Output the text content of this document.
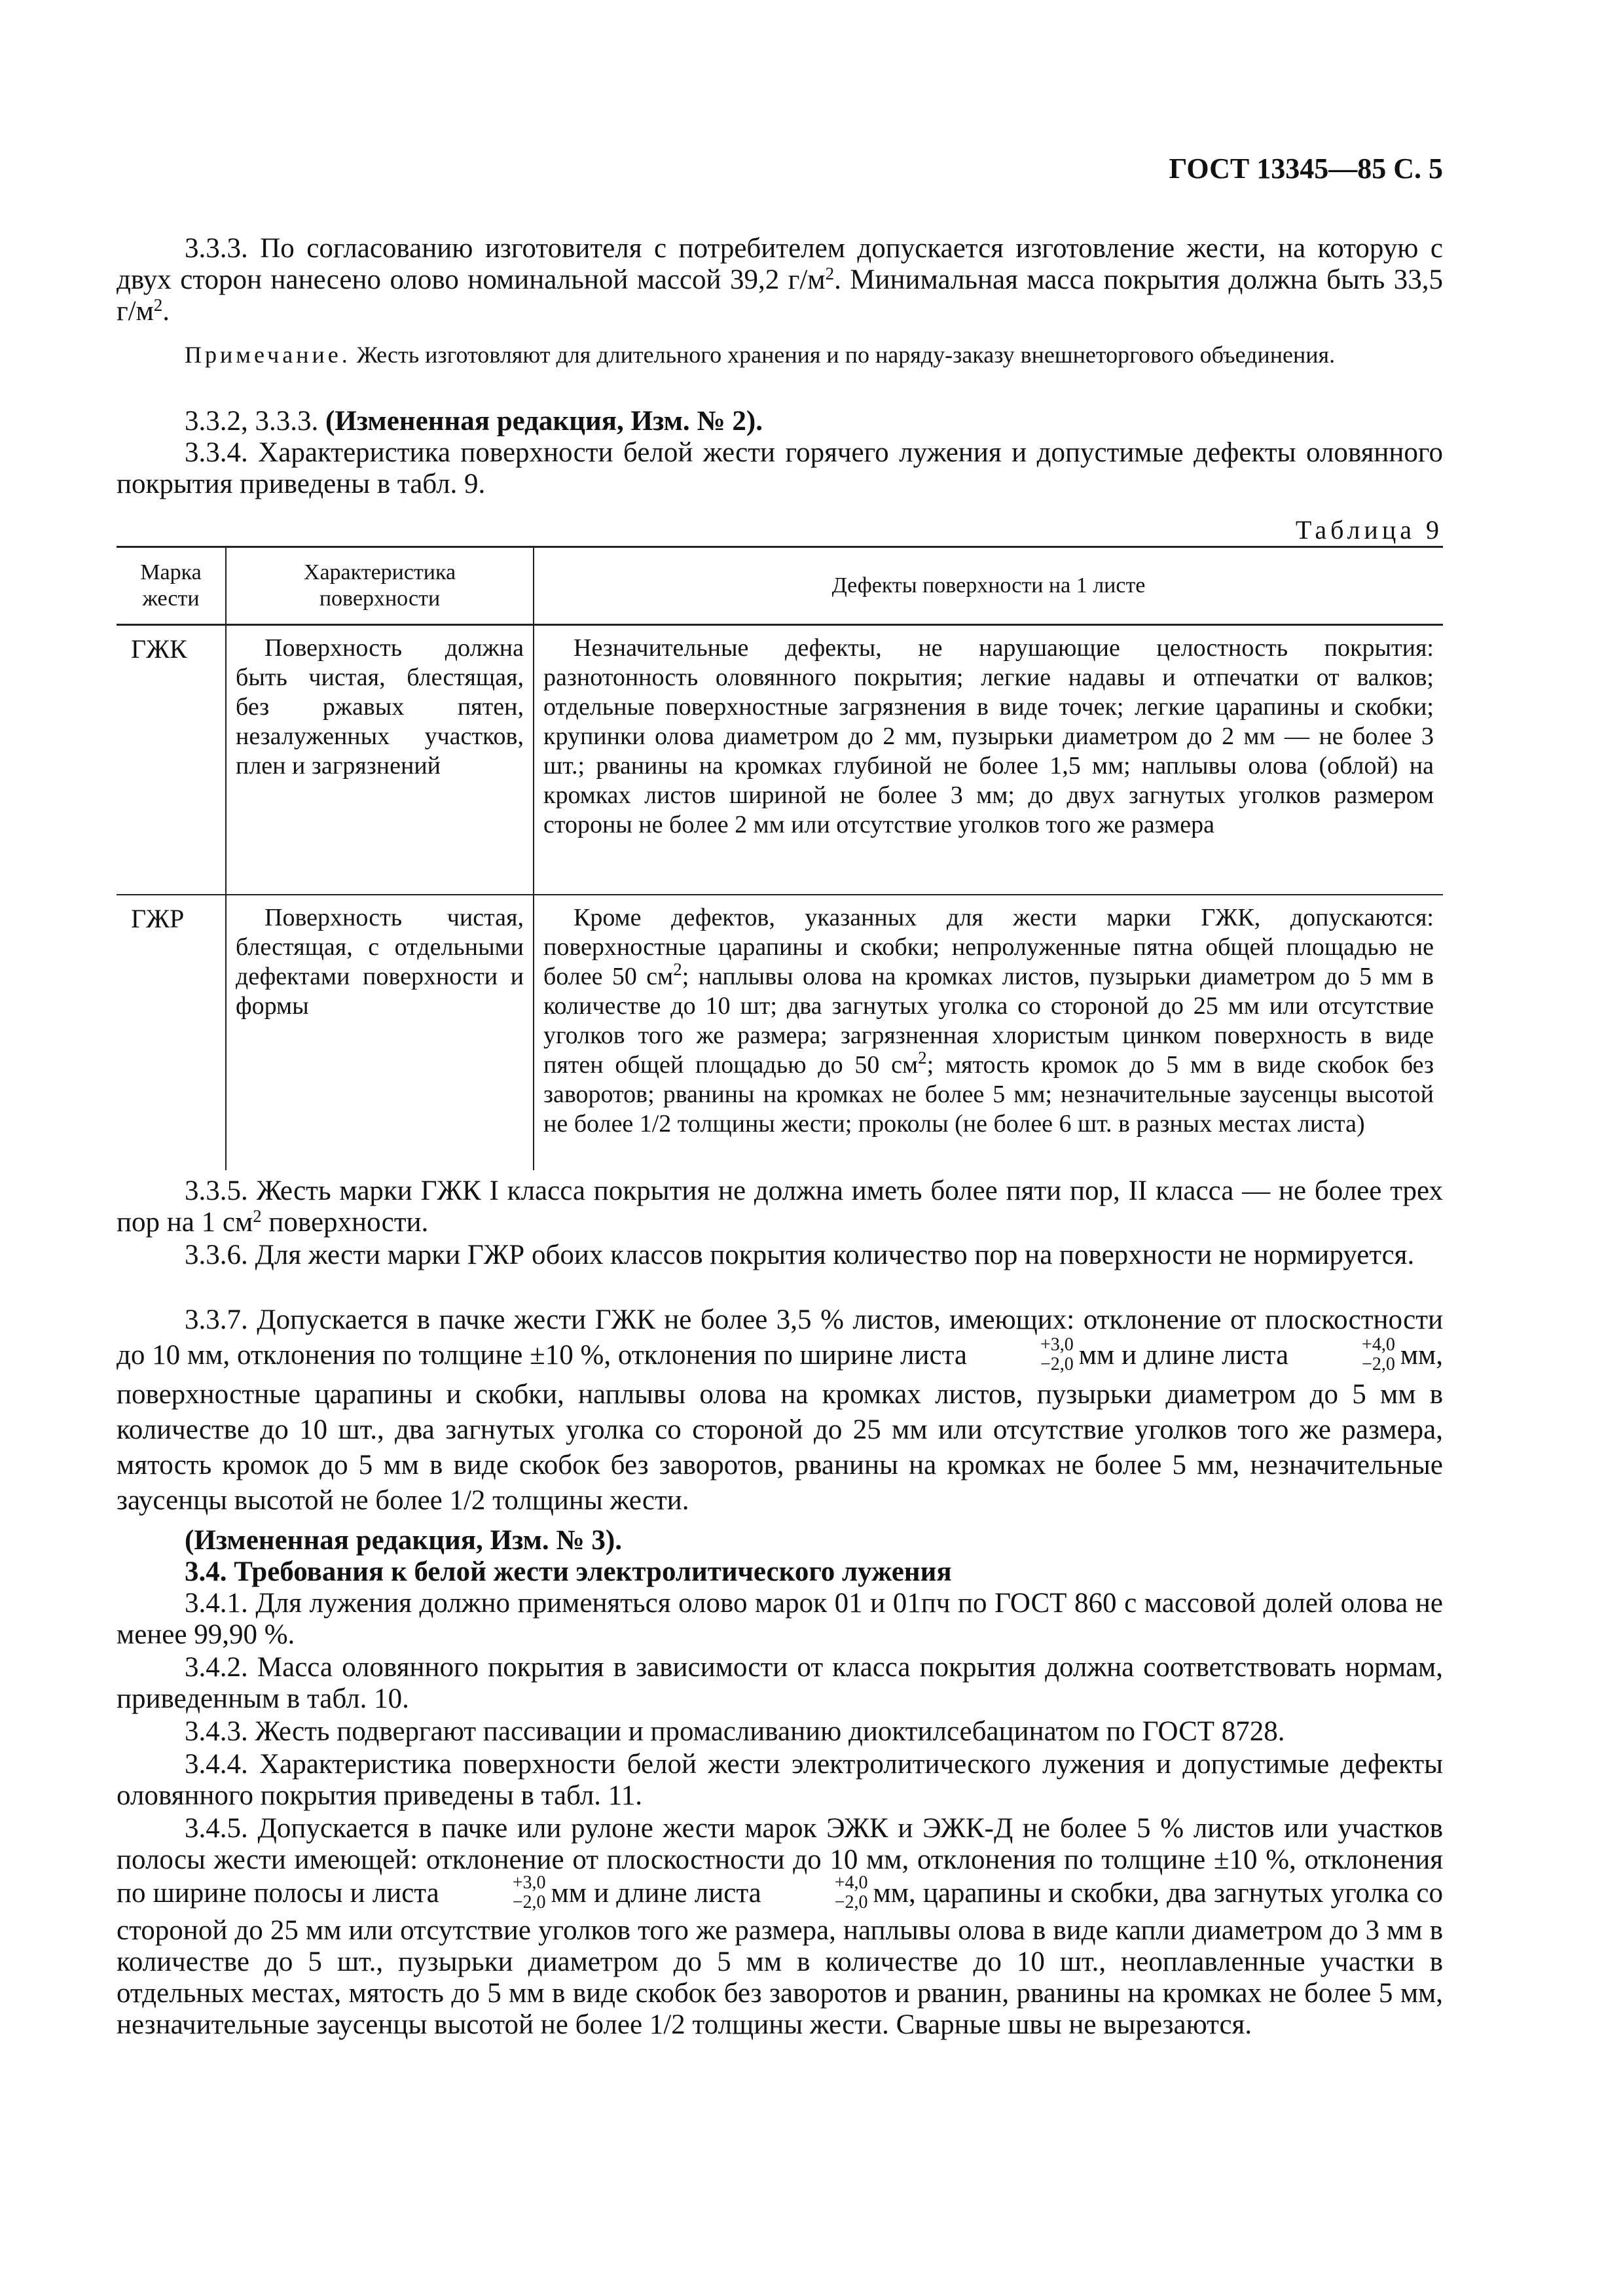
ГОСТ 13345—85 С. 5

3.3.3. По согласованию изготовителя с потребителем допускается изготовление жести, на которую с двух сторон нанесено олово номинальной массой 39,2 $г/м^2$. Минимальная масса покрытия должна быть 33,5 $г/м^2$.

Примечание. Жесть изготовляют для длительного хранения и по наряду-заказу внешнеторгового объединения.

3.3.2, 3.3.3. (Измененная редакция, Изм. № 2).

3.3.4. Характеристика поверхности белой жести горячего лужения и допустимые дефекты оловянного покрытия приведены в табл. 9.

Таблица 9
Марка жести	Характеристика поверхности	Дефекты поверхности на 1 листе
ГЖК	Поверхность должна быть чистая, блестящая, без ржавых пятен, незалуженных участков, плен и загрязнений	Незначительные дефекты, не нарушающие целостность покрытия: разнотонность оловянного покрытия; легкие надавы и отпечатки от валков; отдельные поверхностные загрязнения в виде точек; легкие царапины и скобки; крупинки олова диаметром до 2 мм, пузырьки диаметром до 2 мм — не более 3 шт.; рванины на кромках глубиной не более 1,5 мм; наплывы олова (облой) на кромках листов шириной не более 3 мм; до двух загнутых уголков размером стороны не более 2 мм или отсутствие уголков того же размера

ГЖР	Поверхность чистая, блестящая, с отдельными дефектами поверхности и формы	Кроме дефектов, указанных для жести марки ГЖК, допускаются: поверхностные царапины и скобки; непролуженные пятна общей площадью не более 50 $см^2$; наплывы олова на кромках листов, пузырьки диаметром до 5 мм в количестве до 10 шт; два загнутых уголка со стороной до 25 мм или отсутствие уголков того же размера; загрязненная хлористым цинком поверхность в виде пятен общей площадью до 50 $см^2$; мятость кромок до 5 мм в виде скобок без заворотов; рванины на кромках не более 5 мм; незначительные заусенцы высотой не более 1/2 толщины жести; проколы (не более 6 шт. в разных местах листа)

3.3.5. Жесть марки ГЖК I класса покрытия не должна иметь более пяти пор, II класса — не более трех пор на 1 $см^2$ поверхности.

3.3.6. Для жести марки ГЖР обоих классов покрытия количество пор на поверхности не нормируется.

3.3.7. Допускается в пачке жести ГЖК не более 3,5 % листов, имеющих: отклонение от плоскостности до 10 мм, отклонения по толщине ±10 %, отклонения по ширине листа	+3,0
−2,0 мм и длине листа	+4,0
−2,0 мм, поверхностные царапины и скобки, наплывы олова на кромках листов, пузырьки диаметром до 5 мм в количестве до 10 шт., два загнутых уголка со стороной до 25 мм или отсутствие уголков того же размера, мятость кромок до 5 мм в виде скобок без заворотов, рванины на кромках не более 5 мм, незначительные заусенцы высотой не более 1/2 толщины жести.

(Измененная редакция, Изм. № 3).

3.4. Требования к белой жести электролитического лужения

3.4.1. Для лужения должно применяться олово марок 01 и 01пч по ГОСТ 860 с массовой долей олова не менее 99,90 %.

3.4.2. Масса оловянного покрытия в зависимости от класса покрытия должна соответствовать нормам, приведенным в табл. 10.

3.4.3. Жесть подвергают пассивации и промасливанию диоктилсебацинатом по ГОСТ 8728.

3.4.4. Характеристика поверхности белой жести электролитического лужения и допустимые дефекты оловянного покрытия приведены в табл. 11.

3.4.5. Допускается в пачке или рулоне жести марок ЭЖК и ЭЖК-Д не более 5 % листов или участков полосы жести имеющей: отклонение от плоскостности до 10 мм, отклонения по толщине ±10 %, отклонения по ширине полосы и листа	+3,0
−2,0 мм и длине листа	+4,0
−2,0 мм, царапины и скобки, два загнутых уголка со стороной до 25 мм или отсутствие уголков того же размера, наплывы олова в виде капли диаметром до 3 мм в количестве до 5 шт., пузырьки диаметром до 5 мм в количестве до 10 шт., неоплавленные участки в отдельных местах, мятость до 5 мм в виде скобок без заворотов и рванин, рванины на кромках не более 5 мм, незначительные заусенцы высотой не более 1/2 толщины жести. Сварные швы не вырезаются.
